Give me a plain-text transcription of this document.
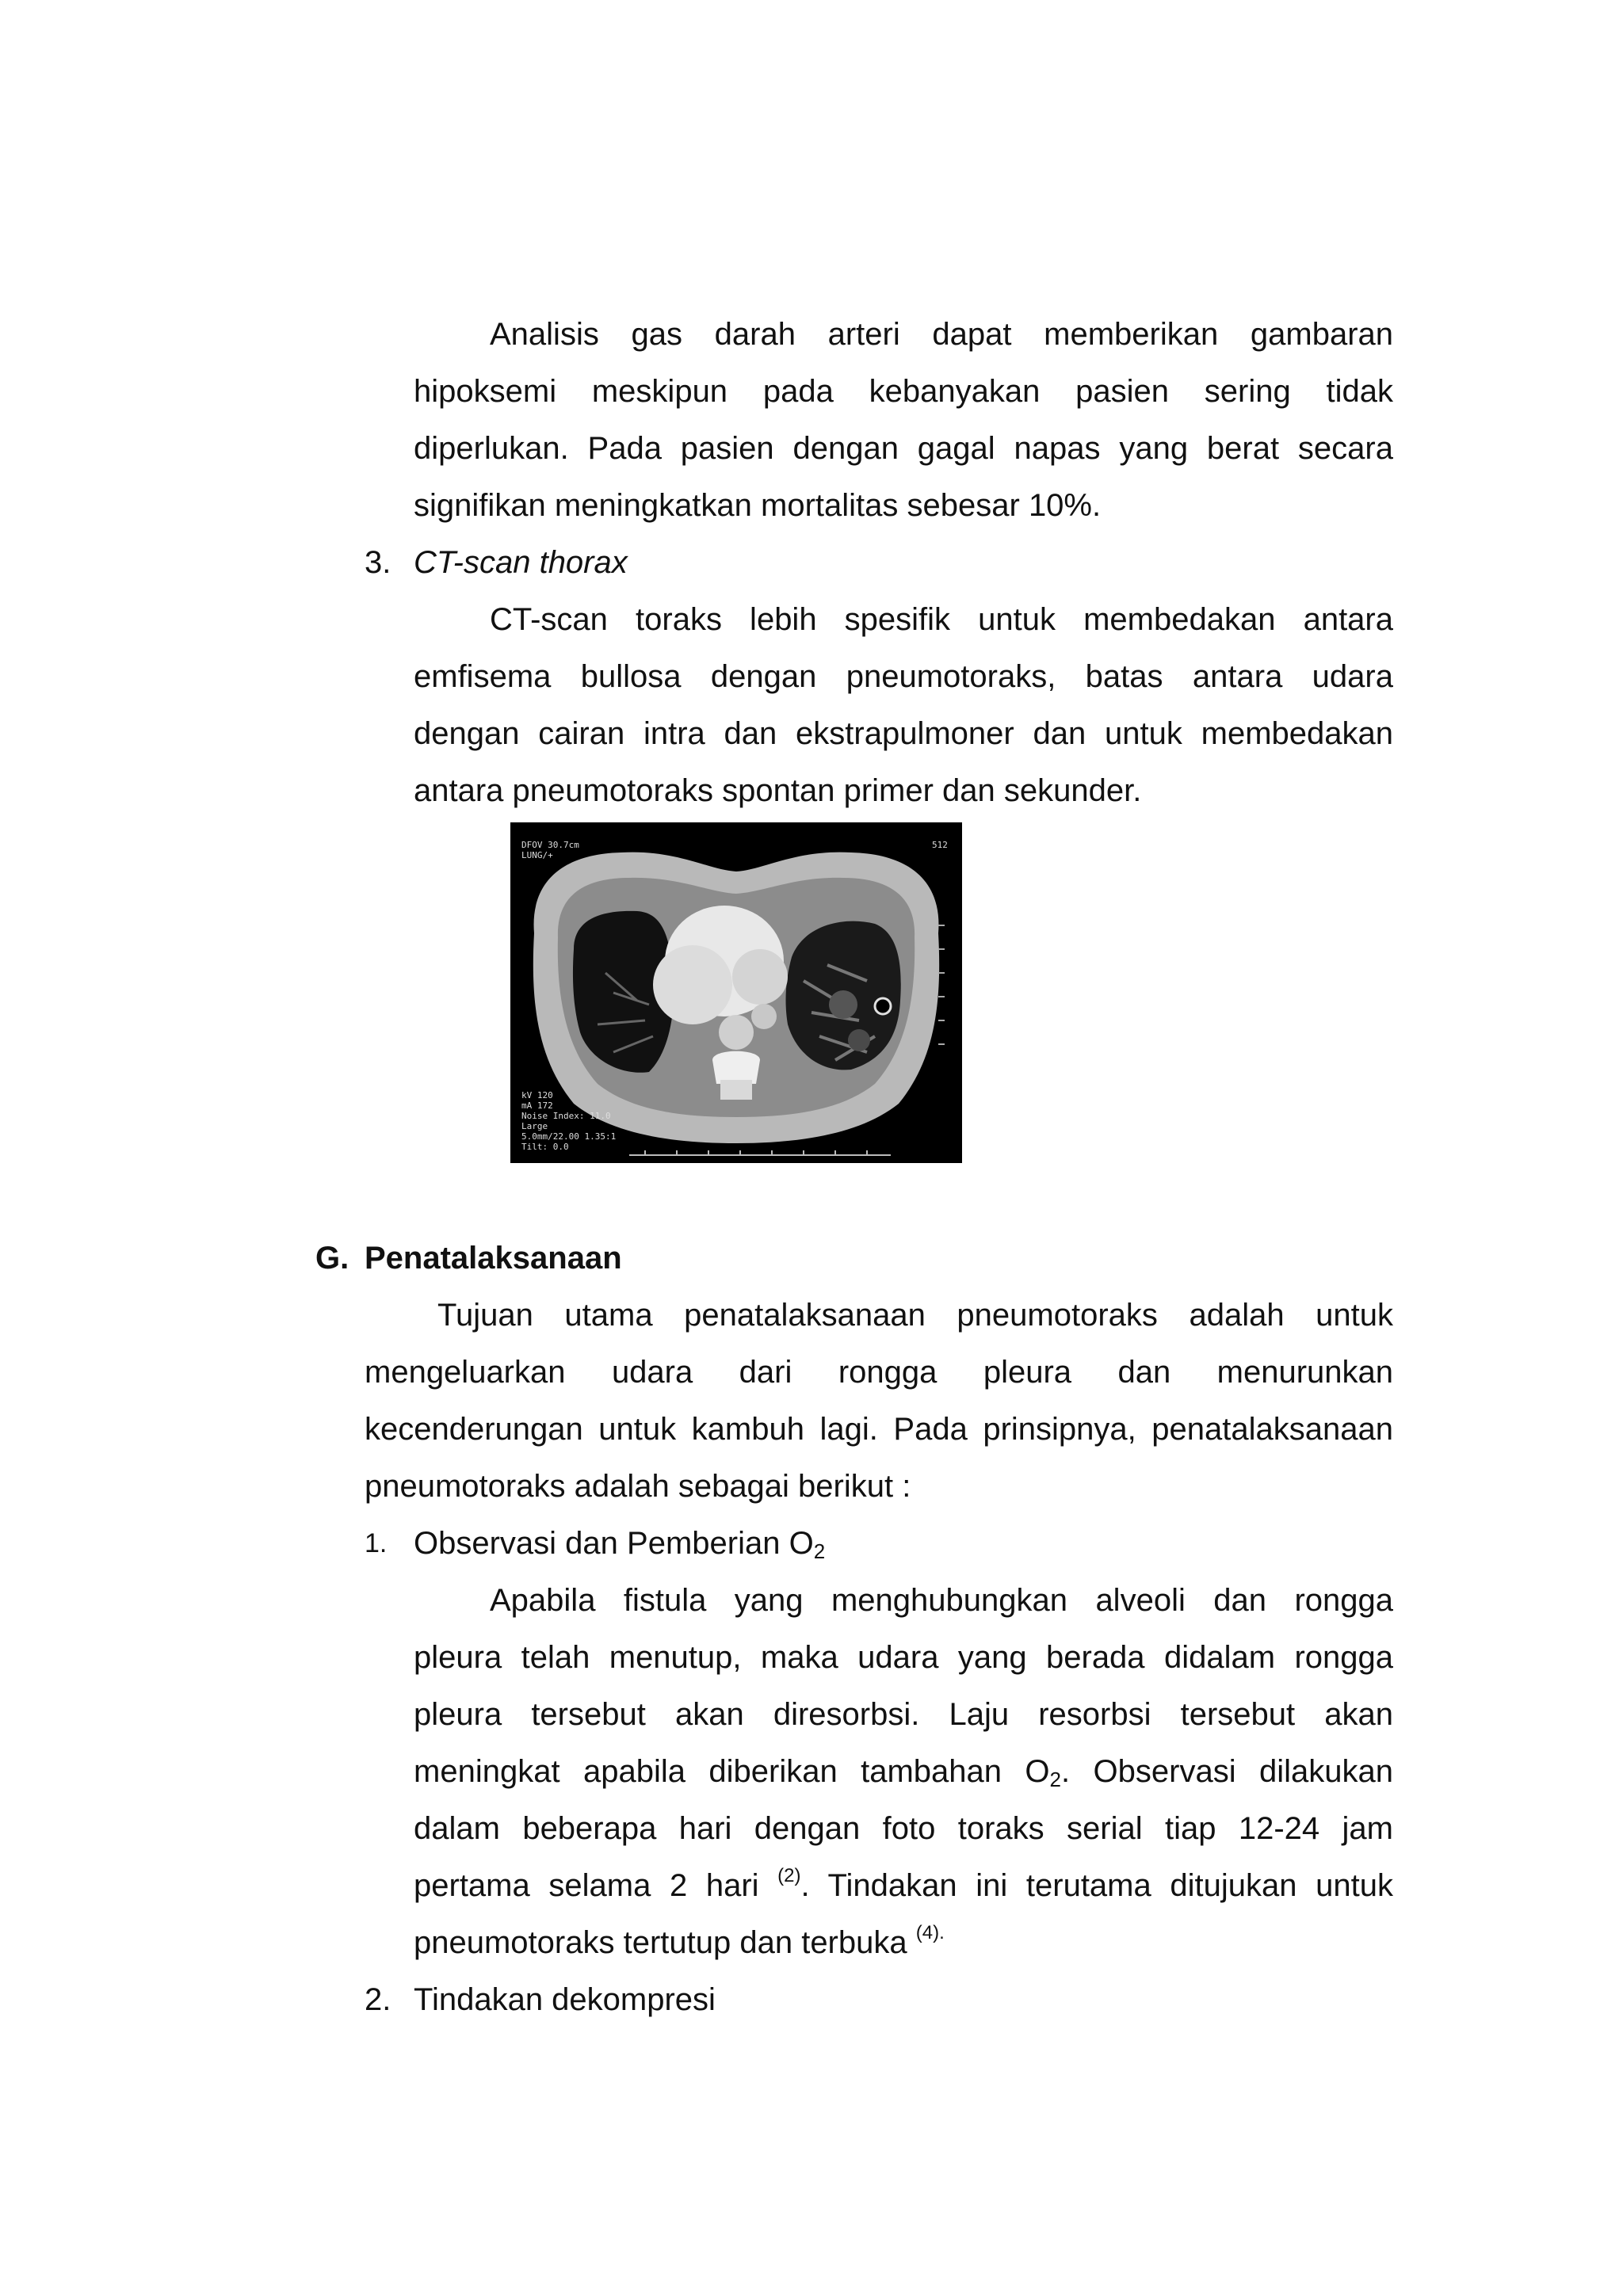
Analisis gas darah arteri dapat memberikan gambaran
hipoksemi meskipun pada kebanyakan pasien sering tidak
diperlukan. Pada pasien dengan gagal napas yang berat secara
signifikan meningkatkan mortalitas sebesar 10%.
3. CT-scan thorax
CT-scan toraks lebih spesifik untuk membedakan antara
emfisema bullosa dengan pneumotoraks, batas antara udara
dengan cairan intra dan ekstrapulmoner dan untuk membedakan
antara pneumotoraks spontan primer dan sekunder.
DFOV 30.7cm
LUNG/+
512
kV 120
mA 172
Noise Index: 11.0
Large
5.0mm/22.00 1.35:1
Tilt: 0.0
G. Penatalaksanaan
Tujuan utama penatalaksanaan pneumotoraks adalah untuk
mengeluarkan udara dari rongga pleura dan menurunkan
kecenderungan untuk kambuh lagi. Pada prinsipnya, penatalaksanaan
pneumotoraks adalah sebagai berikut :
1. Observasi dan Pemberian $O_2$
Apabila fistula yang menghubungkan alveoli dan rongga
pleura telah menutup, maka udara yang berada didalam rongga
pleura tersebut akan diresorbsi. Laju resorbsi tersebut akan
meningkat apabila diberikan tambahan $O_2$. Observasi dilakukan
dalam beberapa hari dengan foto toraks serial tiap 12-24 jam
pertama selama 2 hari $^{(2)}$. Tindakan ini terutama ditujukan untuk
pneumotoraks tertutup dan terbuka $^{(4).}$
2. Tindakan dekompresi
